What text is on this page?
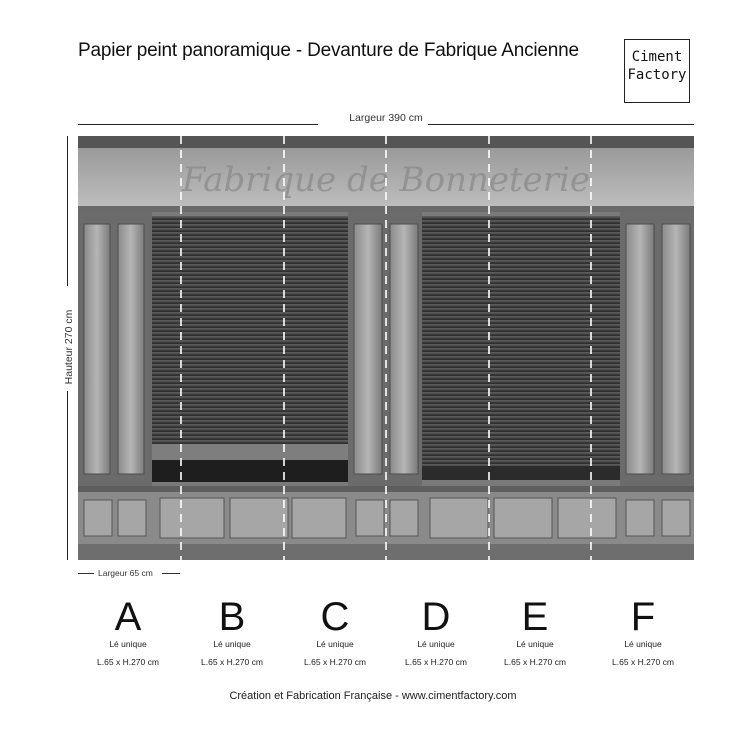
Papier peint panoramique - Devanture de Fabrique Ancienne	Ciment
Factory
Largeur 390 cm
Hauteur 270 cm
Fabrique de Bonneterie
Largeur 65 cm
A
Lé unique
L.65 x H.270 cm
B
Lé unique
L.65 x H.270 cm
C
Lé unique
L.65 x H.270 cm
D
Lé unique
L.65 x H.270 cm
E
Lé unique
L.65 x H.270 cm
F
Lé unique
L.65 x H.270 cm
Création et Fabrication Française - www.cimentfactory.com
